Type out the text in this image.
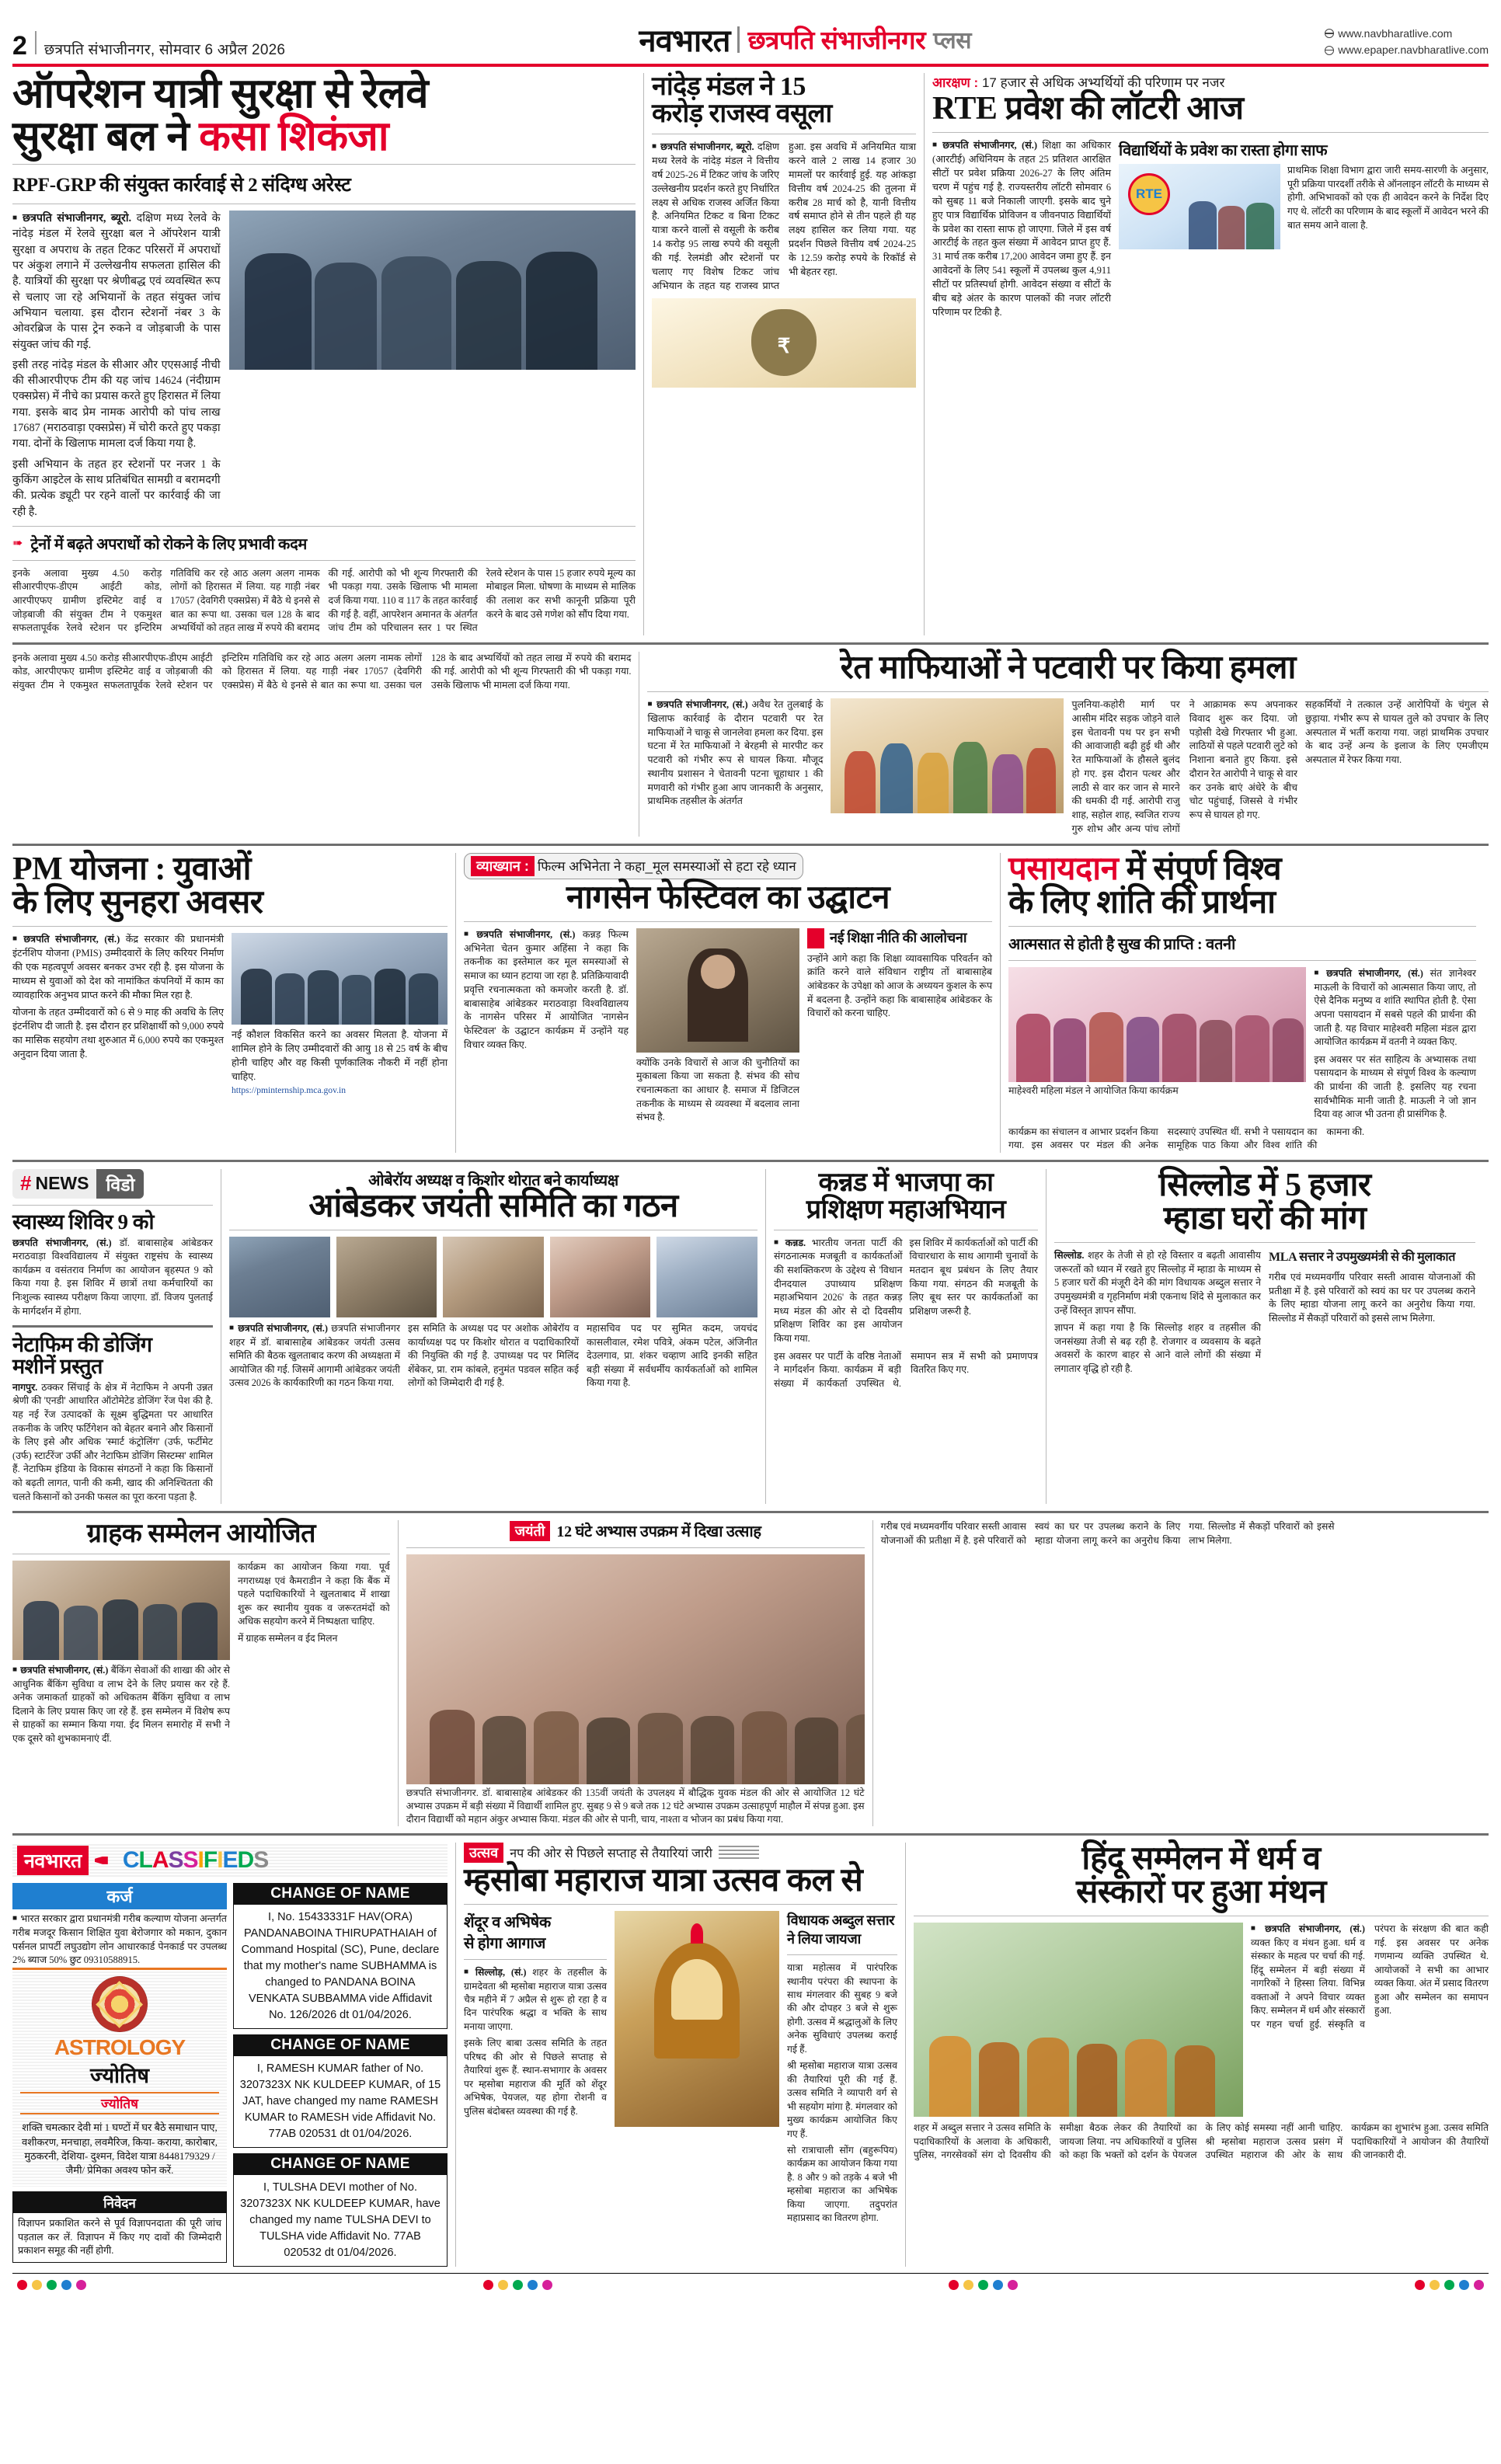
2 छत्रपति संभाजीनगर, सोमवार 6 अप्रैल 2026	नवभारत छत्रपति संभाजीनगर प्लस	www.navbharatlive.com
www.epaper.navbharatlive.com
ऑपरेशन यात्री सुरक्षा से रेलवे
सुरक्षा बल ने कसा शिकंजा
RPF-GRP की संयुक्त कार्रवाई से 2 संदिग्ध अरेस्ट
■ छत्रपति संभाजीनगर, ब्यूरो. दक्षिण मध्य रेलवे के नांदेड़ मंडल में रेलवे सुरक्षा बल ने ऑपरेशन यात्री सुरक्षा व अपराध के तहत टिकट परिसरों में अपराधों पर अंकुश लगाने में उल्लेखनीय सफलता हासिल की है. यात्रियों की सुरक्षा पर श्रेणीबद्ध एवं व्यवस्थित रूप से चलाए जा रहे अभियानों के तहत संयुक्त जांच अभियान चलाया. इस दौरान स्टेशनों नंबर 3 के ओवरब्रिज के पास ट्रेन रुकने व जोड़बाजी के पास संयुक्त जांच की गई.
इसी तरह नांदेड़ मंडल के सीआर और एएसआई नीची की सीआरपीएफ टीम की यह जांच 14624 (नंदीग्राम एक्सप्रेस) में नीचे का प्रयास करते हुए हिरासत में लिया गया. इसके बाद प्रेम नामक आरोपी को पांच लाख 17687 (मराठवाड़ा एक्सप्रेस) में चोरी करते हुए पकड़ा गया. दोनों के खिलाफ मामला दर्ज किया गया है.
इसी अभियान के तहत हर स्टेशनों पर नजर 1 के कुकिंग आइटेल के साथ प्रतिबंधित सामग्री व बरामदगी की. प्रत्येक ड्यूटी पर रहने वालों पर कार्रवाई की जा रही है.
➠ ट्रेनों में बढ़ते अपराधों को रोकने के लिए प्रभावी कदम
इनके अलावा मुख्य 4.50 करोड़ सीआरपीएफ-डीएम आईटी कोड, आरपीएफए ग्रामीण इस्टिमेट वाई व जोड़बाजी की संयुक्त टीम ने एकमुश्त सफलतापूर्वक रेलवे स्टेशन पर इन्टिरिम गतिविधि कर रहे आठ अलग अलग नामक लोगों को हिरासत में लिया. यह गाड़ी नंबर 17057 (देवगिरी एक्सप्रेस) में बैठे थे इनसे से बात का रूपा था. उसका चल 128 के बाद अभ्यर्थियों को तहत लाख में रुपये की बरामद की गई. आरोपी को भी शून्य गिरफ्तारी की भी पकड़ा गया. उसके खिलाफ भी मामला दर्ज किया गया. 110 व 117 के तहत कार्रवाई की गई है. वहीं, आपरेशन अमानत के अंतर्गत जांच टीम को परिचालन स्तर 1 पर स्थित रेलवे स्टेशन के पास 15 हजार रुपये मूल्य का मोबाइल मिला. घोषणा के माध्यम से मालिक की तलाश कर सभी कानूनी प्रक्रिया पूरी करने के बाद उसे गणेश को सौंप दिया गया.
नांदेड़ मंडल ने 15
करोड़ राजस्व वसूला
■ छत्रपति संभाजीनगर, ब्यूरो. दक्षिण मध्य रेलवे के नांदेड़ मंडल ने वित्तीय वर्ष 2025-26 में टिकट जांच के जरिए उल्लेखनीय प्रदर्शन करते हुए निर्धारित लक्ष्य से अधिक राजस्व अर्जित किया है. अनियमित टिकट व बिना टिकट यात्रा करने वालों से वसूली के करीब 14 करोड़ 95 लाख रुपये की वसूली की गई. रेलमंडी और स्टेशनों पर चलाए गए विशेष टिकट जांच अभियान के तहत यह राजस्व प्राप्त हुआ. इस अवधि में अनियमित यात्रा करने वाले 2 लाख 14 हजार 30 मामलों पर कार्रवाई हुई. यह आंकड़ा वित्तीय वर्ष 2024-25 की तुलना में करीब 28 मार्च को है, यानी वित्तीय वर्ष समाप्त होने से तीन पहले ही यह लक्ष्य हासिल कर लिया गया. यह प्रदर्शन पिछले वित्तीय वर्ष 2024-25 के 12.59 करोड़ रुपये के रिकॉर्ड से भी बेहतर रहा.
₹
आरक्षण : 17 हजार से अधिक अभ्यर्थियों की परिणाम पर नजर
RTE प्रवेश की लॉटरी आज
■ छत्रपति संभाजीनगर, (सं.) शिक्षा का अधिकार (आरटीई) अधिनियम के तहत 25 प्रतिशत आरक्षित सीटों पर प्रवेश प्रक्रिया 2026-27 के लिए अंतिम चरण में पहुंच गई है. राज्यस्तरीय लॉटरी सोमवार 6 को सुबह 11 बजे निकाली जाएगी. इसके बाद चुने हुए पात्र विद्यार्थिक प्रोविजन व जीवनपाठ विद्यार्थियों के प्रवेश का रास्ता साफ हो जाएगा. जिले में इस वर्ष आरटीई के तहत कुल संख्या में आवेदन प्राप्त हुए हैं. 31 मार्च तक करीब 17,200 आवेदन जमा हुए हैं. इन आवेदनों के लिए 541 स्कूलों में उपलब्ध कुल 4,911 सीटों पर प्रतिस्पर्धा होगी. आवेदन संख्या व सीटों के बीच बड़े अंतर के कारण पालकों की नजर लॉटरी परिणाम पर टिकी है.
विद्यार्थियों के प्रवेश का रास्ता होगा साफ
RTE
प्राथमिक शिक्षा विभाग द्वारा जारी समय-सारणी के अनुसार, पूरी प्रक्रिया पारदर्शी तरीके से ऑनलाइन लॉटरी के माध्यम से होगी. अभिभावकों को एक ही आवेदन करने के निर्देश दिए गए थे. लॉटरी का परिणाम के बाद स्कूलों में आवेदन भरने की बात समय आने वाला है.
इनके अलावा मुख्य 4.50 करोड़ सीआरपीएफ-डीएम आईटी कोड, आरपीएफए ग्रामीण इस्टिमेट वाई व जोड़बाजी की संयुक्त टीम ने एकमुश्त सफलतापूर्वक रेलवे स्टेशन पर इन्टिरिम गतिविधि कर रहे आठ अलग अलग नामक लोगों को हिरासत में लिया. यह गाड़ी नंबर 17057 (देवगिरी एक्सप्रेस) में बैठे थे इनसे से बात का रूपा था. उसका चल 128 के बाद अभ्यर्थियों को तहत लाख में रुपये की बरामद की गई. आरोपी को भी शून्य गिरफ्तारी की भी पकड़ा गया. उसके खिलाफ भी मामला दर्ज किया गया.	रेत माफियाओं ने पटवारी पर किया हमला
■ छत्रपति संभाजीनगर, (सं.) अवैध रेत तुलबाई के खिलाफ कार्रवाई के दौरान पटवारी पर रेत माफियाओं ने चाकू से जानलेवा हमला कर दिया. इस घटना में रेत माफियाओं ने बेरहमी से मारपीट कर पटवारी को गंभीर रूप से घायल किया. मौजूद स्थानीय प्रशासन ने चेतावनी पटना चूहाधार 1 की मणवारी को गंभीर हुआ आप जानकारी के अनुसार, प्राथमिक तहसील के अंतर्गत
पुलनिया-कहोरी मार्ग पर आसीम मंदिर सड़क जोड़ने वाले इस चेतावनी पथ पर इन सभी की आवाजाही बढ़ी हुई थी और रेत माफियाओं के हौसले बुलंद हो गए. इस दौरान पत्थर और लाठी से वार कर जान से मारने की धमकी दी गई. आरोपी राजु शाह, सहोल शाह, स्वजित राज्य गुरु शोभ और अन्य पांच लोगों ने आक्रामक रूप अपनाकर विवाद शुरू कर दिया. जो पड़ोसी देखे गिरफ्तार भी हुआ. लाठियों से पहले पटवारी लुटे को निशाना बनाते हुए किया. इसे दौरान रेत आरोपी ने चाकू से वार कर उनके बाएं अंधेरे के बीच चोट पहुंचाई, जिससे वे गंभीर रूप से घायल हो गए.
सहकर्मियों ने तत्काल उन्हें आरोपियों के चंगुल से छुड़ाया. गंभीर रूप से घायल तुले को उपचार के लिए अस्पताल में भर्ती कराया गया. जहां प्राथमिक उपचार के बाद उन्हें अन्य के इलाज के लिए एमजीएम अस्पताल में रेफर किया गया.
PM योजना : युवाओं
के लिए सुनहरा अवसर
■ छत्रपति संभाजीनगर, (सं.) केंद्र सरकार की प्रधानमंत्री इंटर्नशिप योजना (PMIS) उम्मीदवारों के लिए करियर निर्माण की एक महत्वपूर्ण अवसर बनकर उभर रही है. इस योजना के माध्यम से युवाओं को देश को नामांकित कंपनियों में काम का व्यावहारिक अनुभव प्राप्त करने की मौका मिल रहा है.
योजना के तहत उम्मीदवारों को 6 से 9 माह की अवधि के लिए इंटर्नशिप दी जाती है. इस दौरान हर प्रशिक्षार्थी को 9,000 रुपये का मासिक सहयोग तथा शुरुआत में 6,000 रुपये का एकमुश्त अनुदान दिया जाता है.
नई कौशल विकसित करने का अवसर मिलता है. योजना में शामिल होने के लिए उम्मीदवारों की आयु 18 से 25 वर्ष के बीच होनी चाहिए और वह किसी पूर्णकालिक नौकरी में नहीं होना चाहिए.
https://pminternship.mca.gov.in
व्याख्यान : फिल्म अभिनेता ने कहा_मूल समस्याओं से हटा रहे ध्यान
नागसेन फेस्टिवल का उद्घाटन
■ छत्रपति संभाजीनगर, (सं.) कन्नड़ फिल्म अभिनेता चेतन कुमार अहिंसा ने कहा कि तकनीक का इस्तेमाल कर मूल समस्याओं से समाज का ध्यान हटाया जा रहा है. प्रतिक्रियावादी प्रवृत्ति रचनात्मकता को कमजोर करती है. डॉ. बाबासाहेब आंबेडकर मराठवाड़ा विश्वविद्यालय के नागसेन परिसर में आयोजित 'नागसेन फेस्टिवल' के उद्घाटन कार्यक्रम में उन्होंने यह विचार व्यक्त किए.
क्योंकि उनके विचारों से आज की चुनौतियों का मुकाबला किया जा सकता है. संभव की सोच रचनात्मकता का आधार है. समाज में डिजिटल तकनीक के माध्यम से व्यवस्था में बदलाव लाना संभव है.
नई शिक्षा नीति की आलोचना
उन्होंने आगे कहा कि शिक्षा व्यावसायिक परिवर्तन को क्रांति करने वाले संविधान राष्ट्रीय तों बाबासाहेब आंबेडकर के उपेक्षा को आज के अध्ययन कुशल के रूप में बदलना है. उन्होंने कहा कि बाबासाहेब आंबेडकर के विचारों को करना चाहिए.
पसायदान में संपूर्ण विश्व
के लिए शांति की प्रार्थना
आत्मसात से होती है सुख की प्राप्ति : वतनी
माहेश्वरी महिला मंडल ने आयोजित किया कार्यक्रम
■ छत्रपति संभाजीनगर, (सं.) संत ज्ञानेश्वर माऊली के विचारों को आत्मसात किया जाए, तो ऐसे दैनिक मनुष्य व शांति स्थापित होती है. ऐसा अपना पसायदान में सबसे पहले की प्रार्थना की जाती है. यह विचार माहेश्वरी महिला मंडल द्वारा आयोजित कार्यक्रम में वतनी ने व्यक्त किए.
इस अवसर पर संत साहित्य के अभ्यासक तथा पसायदान के माध्यम से संपूर्ण विश्व के कल्याण की प्रार्थना की जाती है. इसलिए यह रचना सार्वभौमिक मानी जाती है. माऊली ने जो ज्ञान दिया वह आज भी उतना ही प्रासंगिक है.
कार्यक्रम का संचालन व आभार प्रदर्शन किया गया. इस अवसर पर मंडल की अनेक सदस्याएं उपस्थित थीं. सभी ने पसायदान का सामूहिक पाठ किया और विश्व शांति की कामना की.
# NEWS विडो
स्वास्थ्य शिविर 9 को
छत्रपति संभाजीनगर, (सं.) डॉ. बाबासाहेब आंबेडकर मराठवाड़ा विश्वविद्यालय में संयुक्त राष्ट्रसंघ के स्वास्थ्य कार्यक्रम व वसंतराव निर्माण का आयोजन बृहस्पत 9 को किया गया है. इस शिविर में छात्रों तथा कर्मचारियों का निःशुल्क स्वास्थ्य परीक्षण किया जाएगा. डॉ. विजय पुलताई के मार्गदर्शन में होगा.
नेटाफिम की डोजिंग
मशीनें प्रस्तुत
नागपुर. ठक्कर सिंचाई के क्षेत्र में नेटाफिम ने अपनी उन्नत श्रेणी की 'एनडी' आधारित ऑटोमेटेड डोजिंग' रेंज पेश की है. यह नई रेंज उत्पादकों के सूक्ष्म बुद्धिमता पर आधारित तकनीक के जरिए फर्टिगेशन को बेहतर बनाने और किसानों के लिए इसे और अधिक 'स्मार्ट कंट्रोलिंग' (उर्फ, फर्टीमेट (उर्फ) स्टार्टरेंज' उर्फी और नेटाफिम डोजिंग सिस्टम्स' शामिल हैं. नेटाफिम इंडिया के विकास संगठनों ने कहा कि किसानों को बढ़ती लागत, पानी की कमी, खाद की अनिश्चितता की चलते किसानों को उनकी फसल का पूरा करना पड़ता है.
ओबेरॉय अध्यक्ष व किशोर थोरात बने कार्याध्यक्ष
आंबेडकर जयंती समिति का गठन
■ छत्रपति संभाजीनगर, (सं.) छत्रपति संभाजीनगर शहर में डॉ. बाबासाहेब आंबेडकर जयंती उत्सव समिति की बैठक खुलताबाद करण की अध्यक्षता में आयोजित की गई. जिसमें आगामी आंबेडकर जयंती उत्सव 2026 के कार्यकारिणी का गठन किया गया.
इस समिति के अध्यक्ष पद पर अशोक ओबेरॉय व कार्याध्यक्ष पद पर किशोर थोरात व पदाधिकारियों की नियुक्ति की गई है. उपाध्यक्ष पद पर मिलिंद शेंबेकर, प्रा. राम कांबले, हनुमंत पडवल सहित कई लोगों को जिम्मेदारी दी गई है.
महासचिव पद पर सुमित कदम, जयचंद कासलीवाल, रमेश पवित्रे, अंकम पटेल, अंजिनीत देउलगाव, प्रा. शंकर चव्हाण आदि इनकी सहित बड़ी संख्या में सर्वधर्मीय कार्यकर्ताओं को शामिल किया गया है.
कन्नड में भाजपा का
प्रशिक्षण महाअभियान
■ कन्नड. भारतीय जनता पार्टी की संगठनात्मक मजबूती व कार्यकर्ताओं की सशक्तिकरण के उद्देश्य से 'विधान दीनदयाल उपाध्याय प्रशिक्षण महाअभियान 2026' के तहत कन्नड़ मध्य मंडल की ओर से दो दिवसीय प्रशिक्षण शिविर का इस आयोजन किया गया.
इस शिविर में कार्यकर्ताओं को पार्टी की विचारधारा के साथ आगामी चुनावों के मतदान बूथ प्रबंधन के लिए तैयार किया गया. संगठन की मजबूती के लिए बूथ स्तर पर कार्यकर्ताओं का प्रशिक्षण जरूरी है.
इस अवसर पर पार्टी के वरिष्ठ नेताओं ने मार्गदर्शन किया. कार्यक्रम में बड़ी संख्या में कार्यकर्ता उपस्थित थे. समापन सत्र में सभी को प्रमाणपत्र वितरित किए गए.
सिल्लोड में 5 हजार
म्हाडा घरों की मांग
सिल्लोड. शहर के तेजी से हो रहे विस्तार व बढ़ती आवासीय जरूरतों को ध्यान में रखते हुए सिल्लोड़ में म्हाडा के माध्यम से 5 हजार घरों की मंजूरी देने की मांग विधायक अब्दुल सत्तार ने उपमुख्यमंत्री व गृहनिर्माण मंत्री एकनाथ शिंदे से मुलाकात कर उन्हें विस्तृत ज्ञापन सौंपा.
ज्ञापन में कहा गया है कि सिल्लोड़ शहर व तहसील की जनसंख्या तेजी से बढ़ रही है. रोजगार व व्यवसाय के बढ़ते अवसरों के कारण बाहर से आने वाले लोगों की संख्या में लगातार वृद्धि हो रही है.
MLA सत्तार ने उपमुख्यमंत्री से की मुलाकात
गरीब एवं मध्यमवर्गीय परिवार सस्ती आवास योजनाओं की प्रतीक्षा में है. इसे परिवारों को स्वयं का घर पर उपलब्ध कराने के लिए म्हाडा योजना लागू करने का अनुरोध किया गया. सिल्लोड में सैकड़ों परिवारों को इससे लाभ मिलेगा.
ग्राहक सम्मेलन आयोजित
■ छत्रपति संभाजीनगर, (सं.) बैंकिंग सेवाओं की शाखा की ओर से आधुनिक बैंकिंग सुविधा व लाभ देने के लिए प्रयास कर रहे हैं. अनेक जमाकर्ता ग्राहकों को अधिकतम बैंकिंग सुविधा व लाभ दिलाने के लिए प्रयास किए जा रहे हैं. इस सम्मेलन में विशेष रूप से ग्राहकों का सम्मान किया गया. ईद मिलन समारोह में सभी ने एक दूसरे को शुभकामनाएं दीं.
कार्यक्रम का आयोजन किया गया. पूर्व नगराध्यक्ष एवं कैमराडीन ने कहा कि बैंक में पहले पदाधिकारियों ने खुलताबाद में शाखा शुरू कर स्थानीय युवक व जरूरतमंदों को अधिक सहयोग करने में निष्पक्षता चाहिए.
में ग्राहक सम्मेलन व ईद मिलन
जयंती 12 घंटे अभ्यास उपक्रम में दिखा उत्साह
छत्रपति संभाजीनगर. डॉ. बाबासाहेब आंबेडकर की 135वीं जयंती के उपलक्ष्य में बौद्धिक युवक मंडल की ओर से आयोजित 12 घंटे अभ्यास उपक्रम में बड़ी संख्या में विद्यार्थी शामिल हुए. सुबह 9 से 9 बजे तक 12 घंटे अभ्यास उपक्रम उत्साहपूर्ण माहौल में संपन्न हुआ. इस दौरान विद्यार्थी को महान अंकुर अभ्यास किया. मंडल की ओर से पानी, चाय, नाश्ता व भोजन का प्रबंध किया गया.
गरीब एवं मध्यमवर्गीय परिवार सस्ती आवास योजनाओं की प्रतीक्षा में है. इसे परिवारों को स्वयं का घर पर उपलब्ध कराने के लिए म्हाडा योजना लागू करने का अनुरोध किया गया. सिल्लोड में सैकड़ों परिवारों को इससे लाभ मिलेगा.
नवभारत	CLASSIFIEDS
कर्ज
■ भारत सरकार द्वारा प्रधानमंत्री गरीब कल्याण योजना अन्तर्गत गरीब मजदूर किसान शिक्षित युवा बेरोजगार को मकान, दुकान पर्सनल प्रापर्टी लघुउद्योग लोन आधारकार्ड पेनकार्ड पर उपलब्ध 2% ब्याज 50% छुट 09310588915.
ASTROLOGY
ज्योतिष
ज्योतिष
शक्ति चमत्कार देवी मां 1 घण्टों में घर बैठे समाधान पाए, वशीकरण, मनचाहा, लवमैरिज, किया- कराया, कारोबार, मुठकरनी, देशिया- दुश्मन, विदेश यात्रा 8448179329 / जैमी/ प्रेमिका अवश्य फोन करें.
निवेदन
विज्ञापन प्रकाशित करने से पूर्व विज्ञापनदाता की पूरी जांच पड़ताल कर लें. विज्ञापन में किए गए दावों की जिम्मेदारी प्रकाशन समूह की नहीं होगी.
CHANGE OF NAME
I, No. 15433331F HAV(ORA) PANDANABOINA THIRUPATHAIAH of Command Hospital (SC), Pune, declare that my mother's name SUBHAMMA is changed to PANDANA BOINA VENKATA SUBBAMMA vide Affidavit No. 126/2026 dt 01/04/2026.
CHANGE OF NAME
I, RAMESH KUMAR father of No. 3207323X NK KULDEEP KUMAR, of 15 JAT, have changed my name RAMESH KUMAR to RAMESH vide Affidavit No. 77AB 020531 dt 01/04/2026.
CHANGE OF NAME
I, TULSHA DEVI mother of No. 3207323X NK KULDEEP KUMAR, have changed my name TULSHA DEVI to TULSHA vide Affidavit No. 77AB 020532 dt 01/04/2026.
उत्सव नप की ओर से पिछले सप्ताह से तैयारियां जारी
म्हसोबा महाराज यात्रा उत्सव कल से
शेंदूर व अभिषेक
से होगा आगाज
■ सिल्लोड़, (सं.) शहर के तहसील के ग्रामदेवता श्री म्हसोबा महाराज यात्रा उत्सव चैत्र महीने में 7 अप्रैल से शुरू हो रहा है व दिन पारंपरिक श्रद्धा व भक्ति के साथ मनाया जाएगा.
इसके लिए बाबा उत्सव समिति के तहत परिषद की ओर से पिछले सप्ताह से तैयारियां शुरू हैं. स्थान-सभागार के अवसर पर म्हसोबा महाराज की मूर्ति को शेंदूर अभिषेक, पेयजल, यह होगा रोशनी व पुलिस बंदोबस्त व्यवस्था की गई है.
विधायक अब्दुल सत्तार ने लिया जायजा
यात्रा महोत्सव में पारंपरिक स्थानीय परंपरा की स्थापना के साथ मंगलवार की सुबह 9 बजे की और दोपहर 3 बजे से शुरू होगी. उत्सव में श्रद्धालुओं के लिए अनेक सुविधाएं उपलब्ध कराई गई हैं.
श्री म्हसोबा महाराज यात्रा उत्सव की तैयारियां पूरी की गई हैं. उत्सव समिति ने व्यापारी वर्ग से भी सहयोग मांगा है. मंगलवार को मुख्य कार्यक्रम आयोजित किए गए हैं.
सो रात्राचाली सोंग (बहुरूपिय) कार्यक्रम का आयोजन किया गया है. 8 और 9 को तड़के 4 बजे भी म्हसोबा महाराज का अभिषेक किया जाएगा. तदुपरांत महाप्रसाद का वितरण होगा.
हिंदू सम्मेलन में धर्म व
संस्कारों पर हुआ मंथन
■ छत्रपति संभाजीनगर, (सं.) व्यक्त किए व मंथन हुआ. धर्म व संस्कार के महत्व पर चर्चा की गई. हिंदू सम्मेलन में बड़ी संख्या में नागरिकों ने हिस्सा लिया. विभिन्न वक्ताओं ने अपने विचार व्यक्त किए. सम्मेलन में धर्म और संस्कारों पर गहन चर्चा हुई. संस्कृति व परंपरा के संरक्षण की बात कही गई. इस अवसर पर अनेक गणमान्य व्यक्ति उपस्थित थे. आयोजकों ने सभी का आभार व्यक्त किया. अंत में प्रसाद वितरण हुआ और सम्मेलन का समापन हुआ.
शहर में अब्दुल सत्तार ने उत्सव समिति के पदाधिकारियों के अलावा के अधिकारी, पुलिस, नगरसेवकों संग दो दिवसीय की समीक्षा बैठक लेकर की तैयारियों का जायजा लिया. नप अधिकारियों व पुलिस को कहा कि भक्तों को दर्शन के पेयजल के लिए कोई समस्या नहीं आनी चाहिए. श्री म्हसोबा महाराज उत्सव प्रसंग में उपस्थित महाराज की ओर के साथ कार्यक्रम का शुभारंभ हुआ. उत्सव समिति पदाधिकारियों ने आयोजन की तैयारियों की जानकारी दी.
